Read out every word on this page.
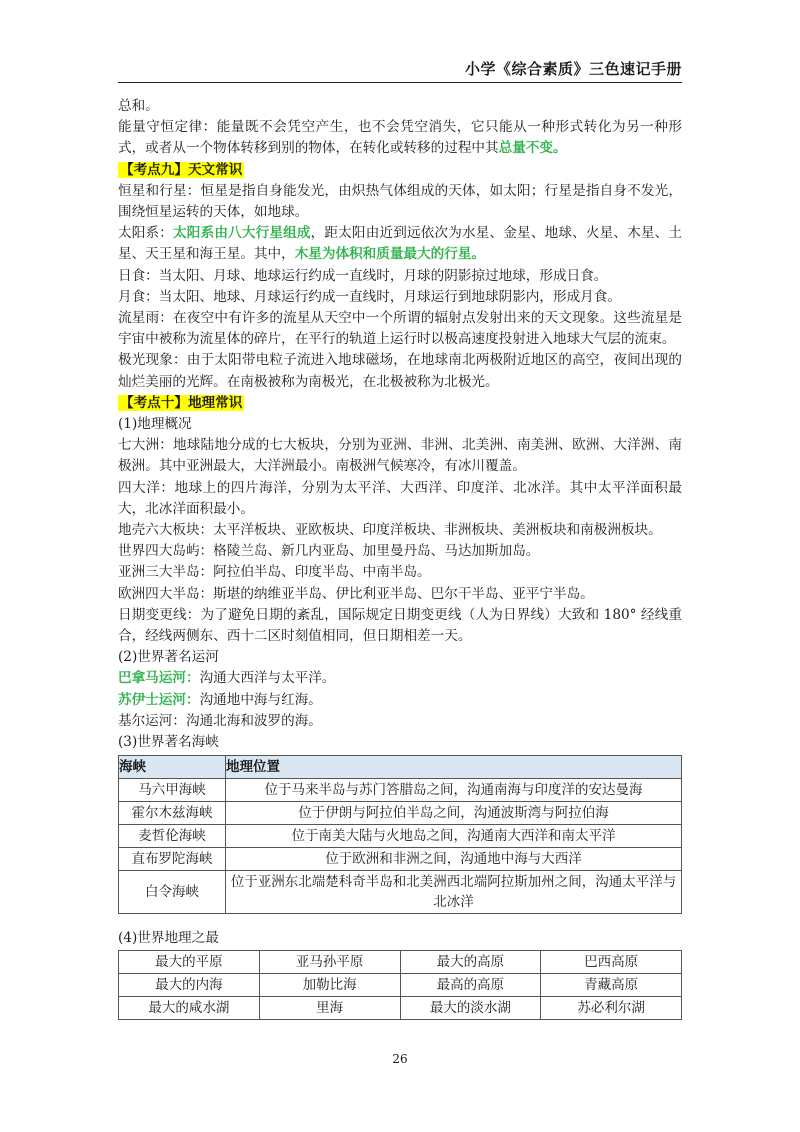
小学《综合素质》三色速记手册

总和。

能量守恒定律：能量既不会凭空产生，也不会凭空消失，它只能从一种形式转化为另一种形式，或者从一个物体转移到别的物体，在转化或转移的过程中其总量不变。

【考点九】天文常识

恒星和行星：恒星是指自身能发光，由炽热气体组成的天体，如太阳；行星是指自身不发光，围绕恒星运转的天体，如地球。

太阳系：太阳系由八大行星组成，距太阳由近到远依次为水星、金星、地球、火星、木星、土星、天王星和海王星。其中，木星为体积和质量最大的行星。

日食：当太阳、月球、地球运行约成一直线时，月球的阴影掠过地球，形成日食。

月食：当太阳、地球、月球运行约成一直线时，月球运行到地球阴影内，形成月食。

流星雨：在夜空中有许多的流星从天空中一个所谓的辐射点发射出来的天文现象。这些流星是宇宙中被称为流星体的碎片，在平行的轨道上运行时以极高速度投射进入地球大气层的流束。

极光现象：由于太阳带电粒子流进入地球磁场，在地球南北两极附近地区的高空，夜间出现的灿烂美丽的光辉。在南极被称为南极光，在北极被称为北极光。

【考点十】地理常识

(1)地理概况

七大洲：地球陆地分成的七大板块，分别为亚洲、非洲、北美洲、南美洲、欧洲、大洋洲、南极洲。其中亚洲最大，大洋洲最小。南极洲气候寒冷，有冰川覆盖。

四大洋：地球上的四片海洋，分别为太平洋、大西洋、印度洋、北冰洋。其中太平洋面积最大，北冰洋面积最小。

地壳六大板块：太平洋板块、亚欧板块、印度洋板块、非洲板块、美洲板块和南极洲板块。

世界四大岛屿：格陵兰岛、新几内亚岛、加里曼丹岛、马达加斯加岛。

亚洲三大半岛：阿拉伯半岛、印度半岛、中南半岛。

欧洲四大半岛：斯堪的纳维亚半岛、伊比利亚半岛、巴尔干半岛、亚平宁半岛。

日期变更线：为了避免日期的紊乱，国际规定日期变更线（人为日界线）大致和 180° 经线重合，经线两侧东、西十二区时刻值相同，但日期相差一天。

(2)世界著名运河

巴拿马运河：沟通大西洋与太平洋。

苏伊士运河：沟通地中海与红海。

基尔运河：沟通北海和波罗的海。

(3)世界著名海峡

海峡	地理位置
马六甲海峡	位于马来半岛与苏门答腊岛之间，沟通南海与印度洋的安达曼海
霍尔木兹海峡	位于伊朗与阿拉伯半岛之间，沟通波斯湾与阿拉伯海
麦哲伦海峡	位于南美大陆与火地岛之间，沟通南大西洋和南太平洋
直布罗陀海峡	位于欧洲和非洲之间，沟通地中海与大西洋
白令海峡	位于亚洲东北端楚科奇半岛和北美洲西北端阿拉斯加州之间，沟通太平洋与北冰洋

(4)世界地理之最

最大的平原	亚马孙平原	最大的高原	巴西高原
最大的内海	加勒比海	最高的高原	青藏高原
最大的咸水湖	里海	最大的淡水湖	苏必利尔湖
26
